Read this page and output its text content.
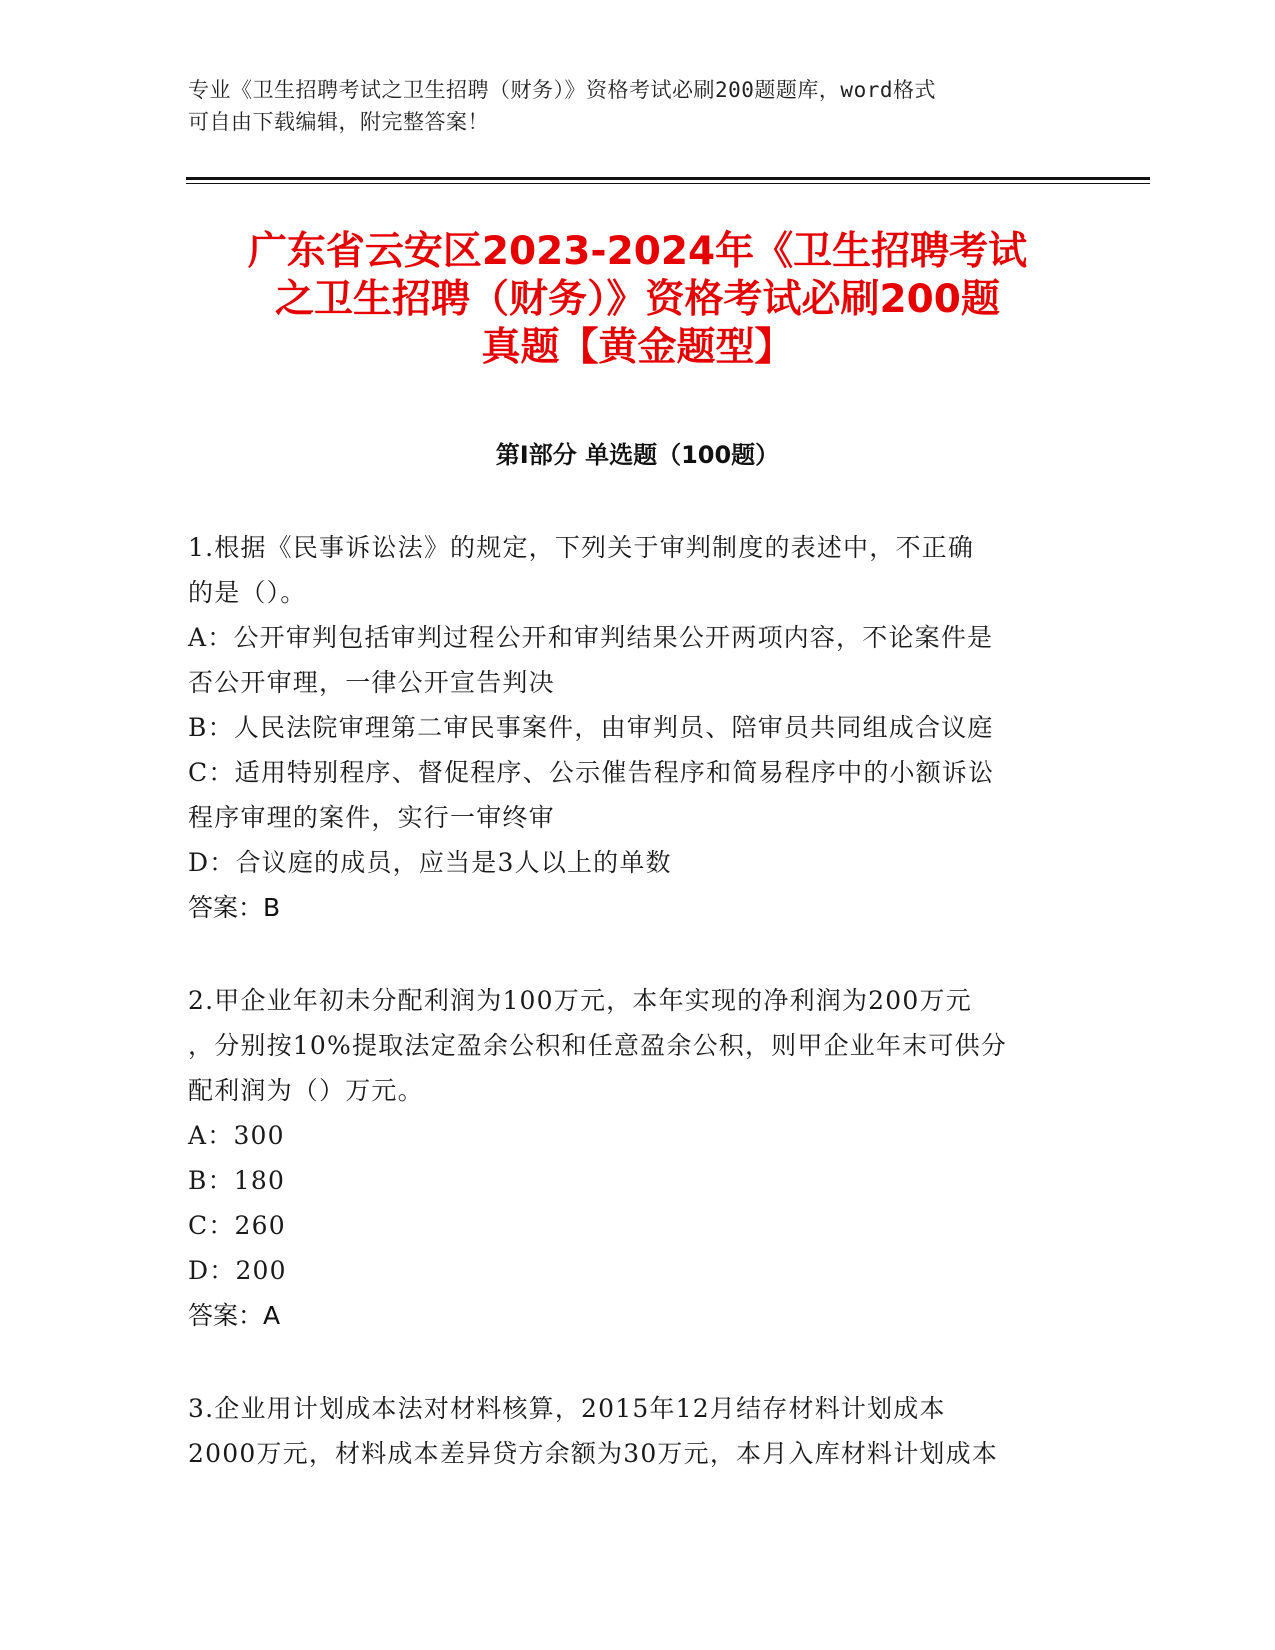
专业《卫生招聘考试之卫生招聘（财务）》资格考试必刷200题题库，word格式
可自由下载编辑，附完整答案！
广东省云安区2023-2024年《卫生招聘考试
之卫生招聘（财务）》资格考试必刷200题
真题【黄金题型】
第Ⅰ部分 单选题（100题）
1.根据《民事诉讼法》的规定，下列关于审判制度的表述中，不正确
的是（）。
A：公开审判包括审判过程公开和审判结果公开两项内容，不论案件是
否公开审理，一律公开宣告判决
B：人民法院审理第二审民事案件，由审判员、陪审员共同组成合议庭
C：适用特别程序、督促程序、公示催告程序和简易程序中的小额诉讼
程序审理的案件，实行一审终审
D：合议庭的成员，应当是3人以上的单数
答案：B
2.甲企业年初未分配利润为100万元，本年实现的净利润为200万元
，分别按10%提取法定盈余公积和任意盈余公积，则甲企业年末可供分
配利润为（）万元。
A：300
B：180
C：260
D：200
答案：A
3.企业用计划成本法对材料核算，2015年12月结存材料计划成本
2000万元，材料成本差异贷方余额为30万元，本月入库材料计划成本
